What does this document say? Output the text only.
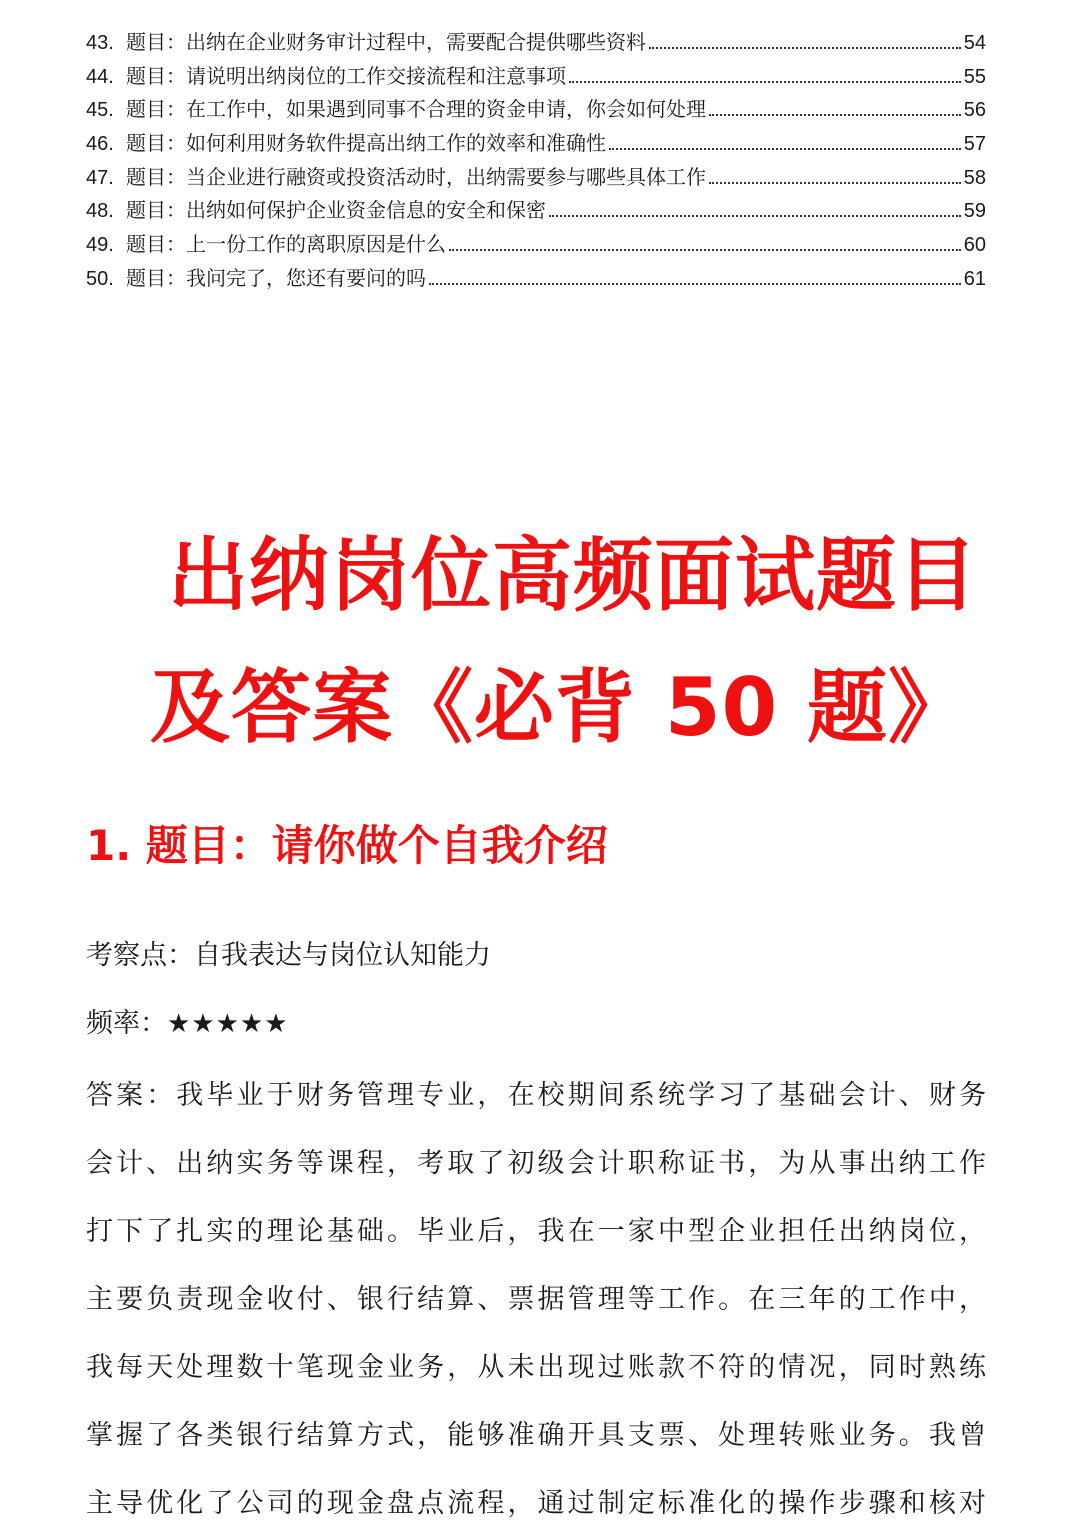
43. 题目：出纳在企业财务审计过程中，需要配合提供哪些资料	54
44. 题目：请说明出纳岗位的工作交接流程和注意事项	55
45. 题目：在工作中，如果遇到同事不合理的资金申请，你会如何处理	56
46. 题目：如何利用财务软件提高出纳工作的效率和准确性	57
47. 题目：当企业进行融资或投资活动时，出纳需要参与哪些具体工作	58
48. 题目：出纳如何保护企业资金信息的安全和保密	59
49. 题目：上一份工作的离职原因是什么	60
50. 题目：我问完了，您还有要问的吗	61
出纳岗位高频面试题目
及答案《必背 50 题》
1. 题目：请你做个自我介绍
考察点：自我表达与岗位认知能力
频率：★★★★★
答案：我毕业于财务管理专业，在校期间系统学习了基础会计、财务
会计、出纳实务等课程，考取了初级会计职称证书，为从事出纳工作
打下了扎实的理论基础。毕业后，我在一家中型企业担任出纳岗位，
主要负责现金收付、银行结算、票据管理等工作。在三年的工作中，
我每天处理数十笔现金业务，从未出现过账款不符的情况，同时熟练
掌握了各类银行结算方式，能够准确开具支票、处理转账业务。我曾
主导优化了公司的现金盘点流程，通过制定标准化的操作步骤和核对
